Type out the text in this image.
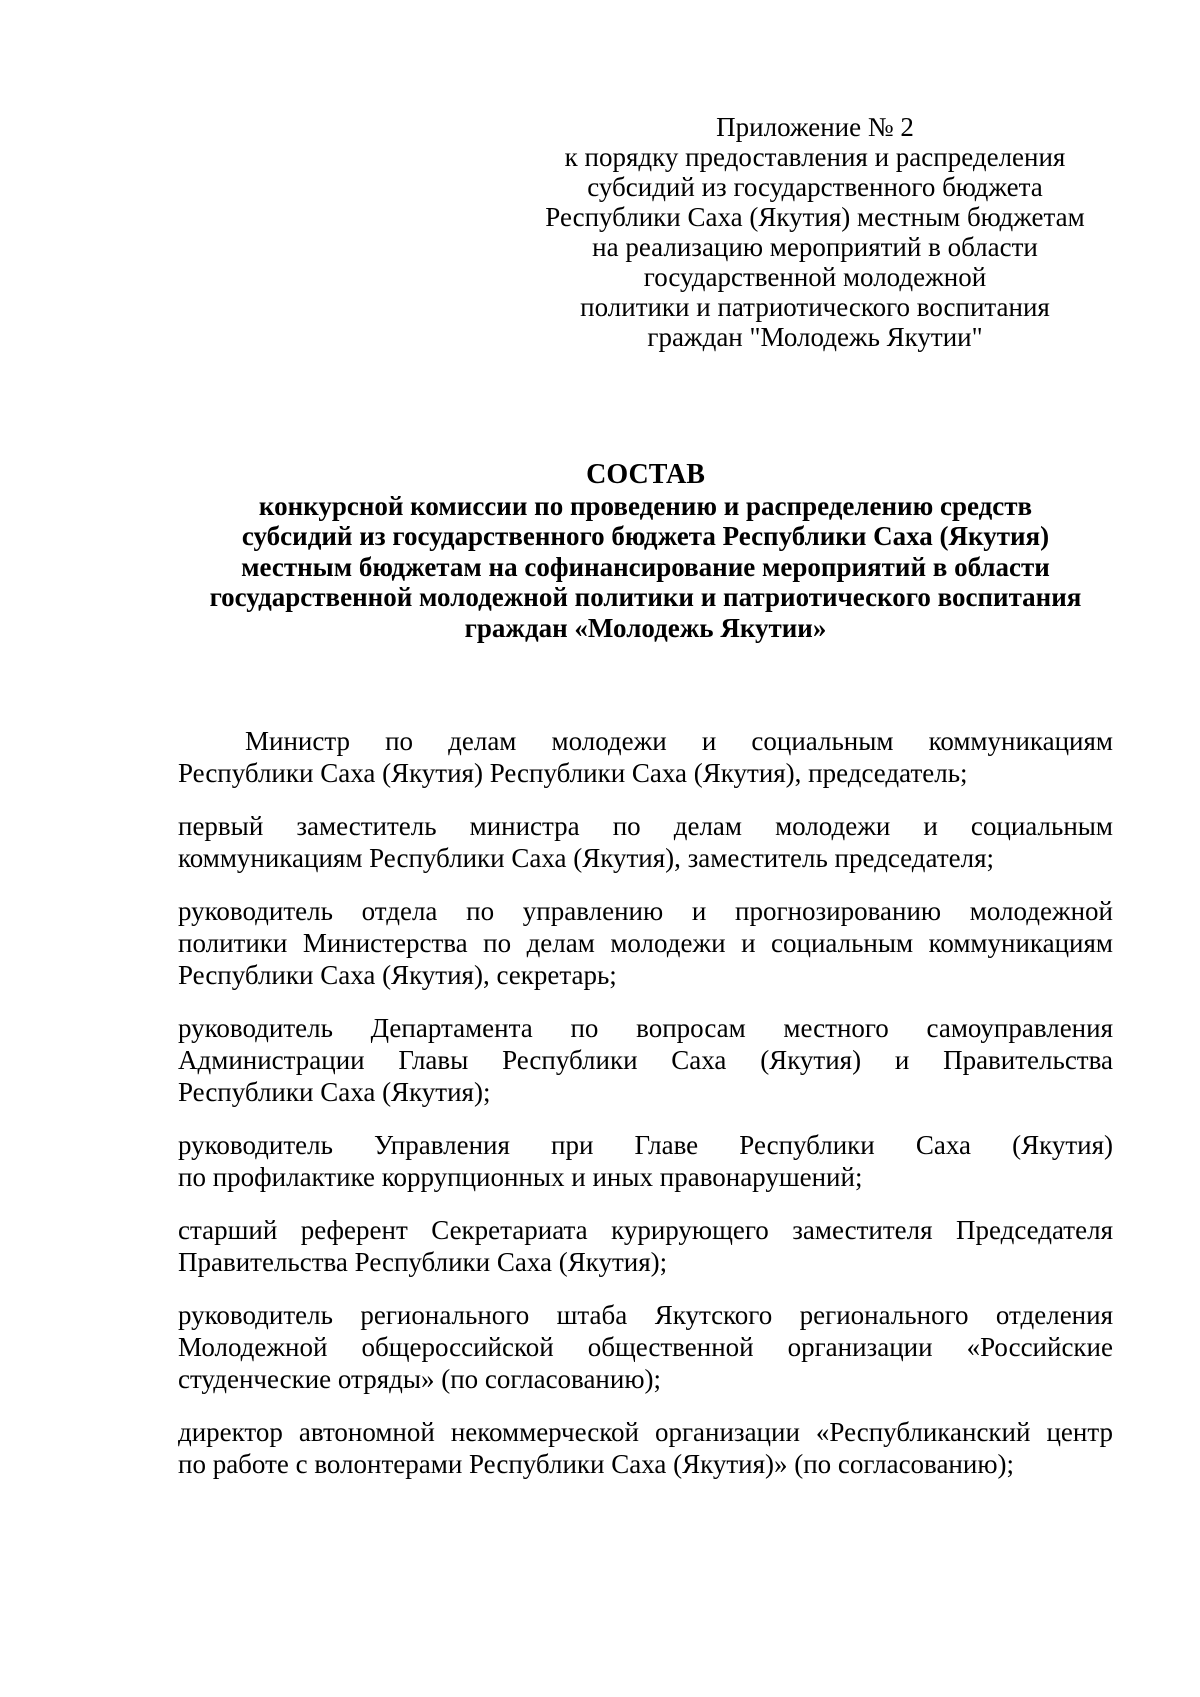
Приложение № 2
к порядку предоставления и распределения
субсидий из государственного бюджета
Республики Саха (Якутия) местным бюджетам
на реализацию мероприятий в области
государственной молодежной
политики и патриотического воспитания
граждан "Молодежь Якутии"
СОСТАВ
конкурсной комиссии по проведению и распределению средств
субсидий из государственного бюджета Республики Саха (Якутия)
местным бюджетам на софинансирование мероприятий в области
государственной молодежной политики и патриотического воспитания
граждан «Молодежь Якутии»
Министр по делам молодежи и социальным коммуникациям
Республики Саха (Якутия) Республики Саха (Якутия), председатель;
первый заместитель министра по делам молодежи и социальным
коммуникациям Республики Саха (Якутия), заместитель председателя;
руководитель отдела по управлению и прогнозированию молодежной
политики Министерства по делам молодежи и социальным коммуникациям
Республики Саха (Якутия), секретарь;
руководитель Департамента по вопросам местного самоуправления
Администрации Главы Республики Саха (Якутия) и Правительства
Республики Саха (Якутия);
руководитель Управления при Главе Республики Саха (Якутия)
по профилактике коррупционных и иных правонарушений;
старший референт Секретариата курирующего заместителя Председателя
Правительства Республики Саха (Якутия);
руководитель регионального штаба Якутского регионального отделения
Молодежной общероссийской общественной организации «Российские
студенческие отряды» (по согласованию);
директор автономной некоммерческой организации «Республиканский центр
по работе с волонтерами Республики Саха (Якутия)» (по согласованию);
